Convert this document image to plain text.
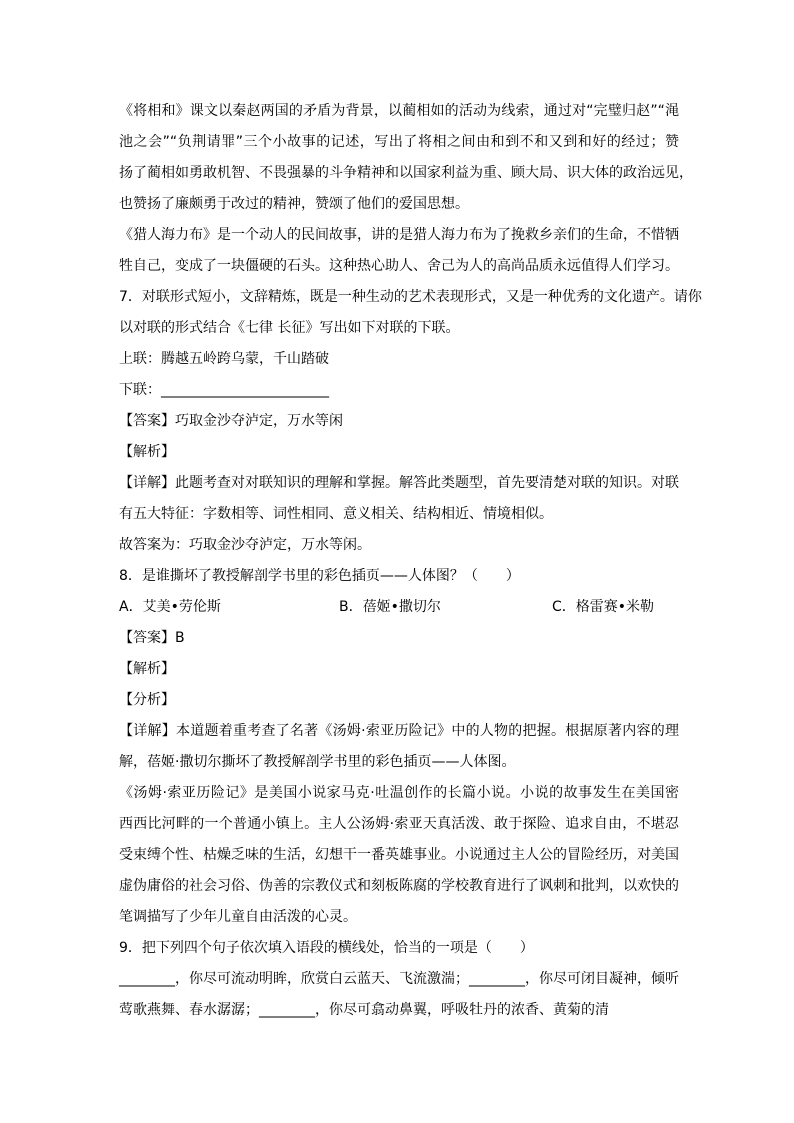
《将相和》课文以秦赵两国的矛盾为背景，以蔺相如的活动为线索，通过对“完璧归赵”“渑
池之会”“负荆请罪”三个小故事的记述，写出了将相之间由和到不和又到和好的经过；赞
扬了蔺相如勇敢机智、不畏强暴的斗争精神和以国家利益为重、顾大局、识大体的政治远见，
也赞扬了廉颇勇于改过的精神，赞颂了他们的爱国思想。
《猎人海力布》是一个动人的民间故事，讲的是猎人海力布为了挽救乡亲们的生命，不惜牺
牲自己，变成了一块僵硬的石头。这种热心助人、舍己为人的高尚品质永远值得人们学习。
7．对联形式短小，文辞精炼，既是一种生动的艺术表现形式，又是一种优秀的文化遗产。请你
以对联的形式结合《七律 长征》写出如下对联的下联。
上联：腾越五岭跨乌蒙，千山踏破
下联：________________________
【答案】巧取金沙夺泸定，万水等闲
【解析】
【详解】此题考查对对联知识的理解和掌握。解答此类题型，首先要清楚对联的知识。对联
有五大特征：字数相等、词性相同、意义相关、结构相近、情境相似。
故答案为：巧取金沙夺泸定，万水等闲。
8．是谁撕坏了教授解剖学书里的彩色插页——人体图？（　　）
A．艾美•劳伦斯	B．蓓姬•撒切尔	C．格雷赛•米勒
【答案】B
【解析】
【分析】
【详解】本道题着重考查了名著《汤姆·索亚历险记》中的人物的把握。根据原著内容的理
解，蓓姬·撒切尔撕坏了教授解剖学书里的彩色插页——人体图。
《汤姆·索亚历险记》是美国小说家马克·吐温创作的长篇小说。小说的故事发生在美国密
西西比河畔的一个普通小镇上。主人公汤姆·索亚天真活泼、敢于探险、追求自由，不堪忍
受束缚个性、枯燥乏味的生活，幻想干一番英雄事业。小说通过主人公的冒险经历，对美国
虚伪庸俗的社会习俗、伪善的宗教仪式和刻板陈腐的学校教育进行了讽刺和批判，以欢快的
笔调描写了少年儿童自由活泼的心灵。
9．把下列四个句子依次填入语段的横线处，恰当的一项是（　　）
________，你尽可流动明眸，欣赏白云蓝天、飞流激湍；________，你尽可闭目凝神，倾听
莺歌燕舞、春水潺潺；________，你尽可翕动鼻翼，呼吸牡丹的浓香、黄菊的清
